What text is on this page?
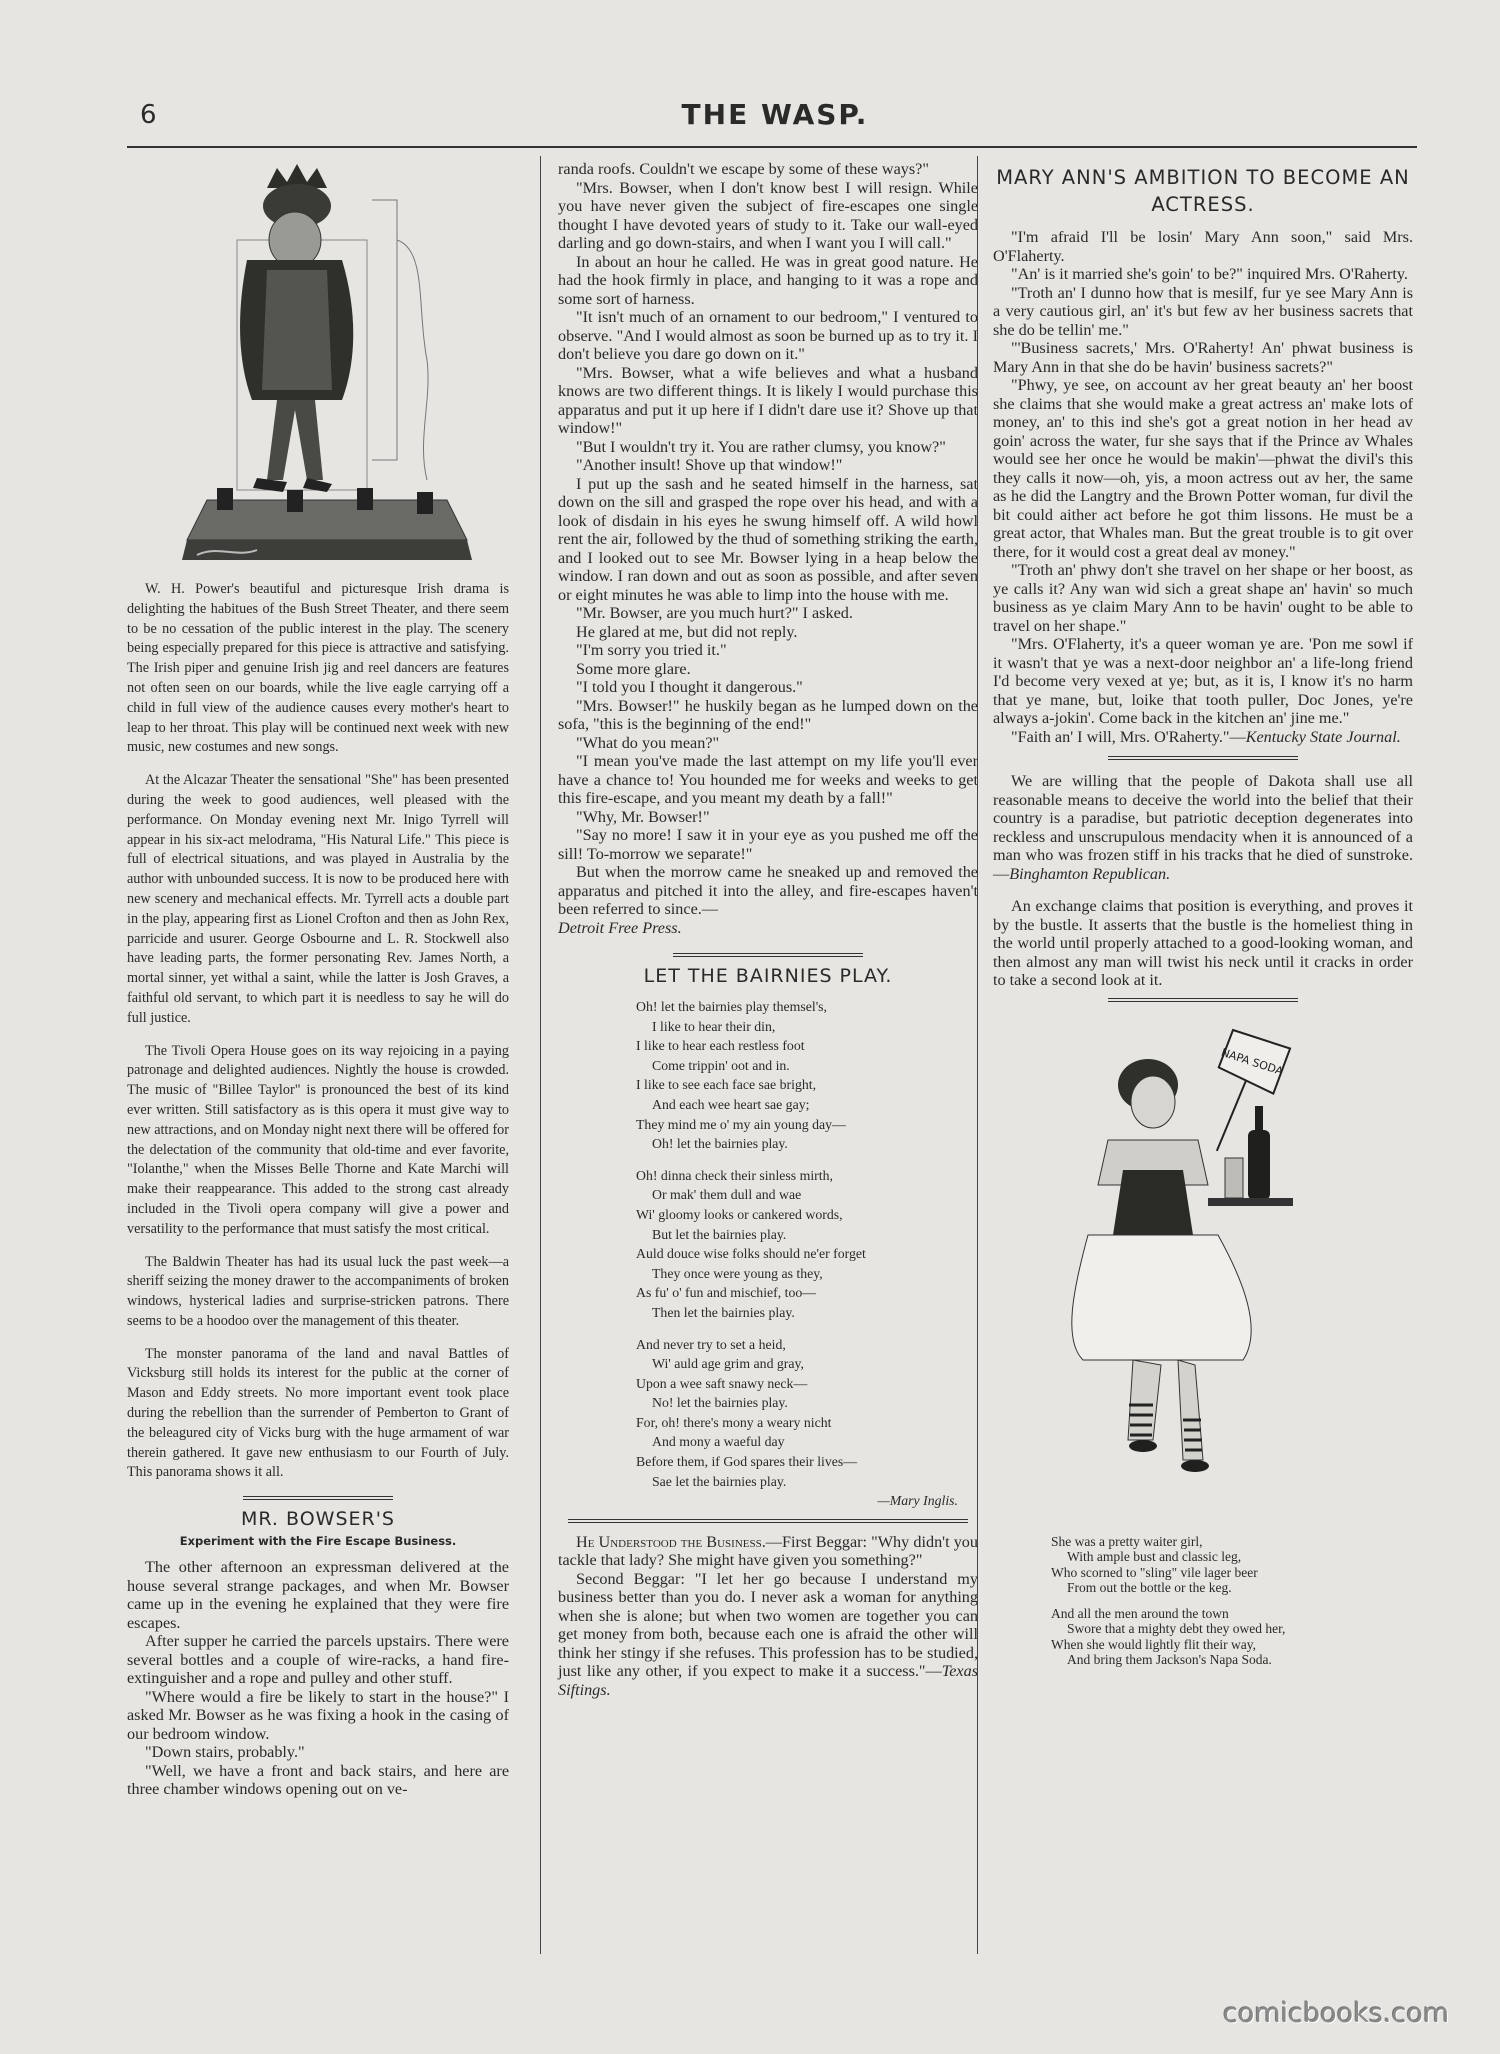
6	THE WASP.

W. H. Power's beautiful and picturesque Irish drama is delighting the habitues of the Bush Street Theater, and there seem to be no cessation of the public interest in the play. The scenery being especially prepared for this piece is attractive and satisfying. The Irish piper and genuine Irish jig and reel dancers are features not often seen on our boards, while the live eagle carrying off a child in full view of the audience causes every mother's heart to leap to her throat. This play will be continued next week with new music, new costumes and new songs.

At the Alcazar Theater the sensational "She" has been presented during the week to good audiences, well pleased with the performance. On Monday evening next Mr. Inigo Tyrrell will appear in his six-act melodrama, "His Natural Life." This piece is full of electrical situations, and was played in Australia by the author with unbounded success. It is now to be produced here with new scenery and mechanical effects. Mr. Tyrrell acts a double part in the play, appearing first as Lionel Crofton and then as John Rex, parricide and usurer. George Osbourne and L. R. Stockwell also have leading parts, the former personating Rev. James North, a mortal sinner, yet withal a saint, while the latter is Josh Graves, a faithful old servant, to which part it is needless to say he will do full justice.

The Tivoli Opera House goes on its way rejoicing in a paying patronage and delighted audiences. Nightly the house is crowded. The music of "Billee Taylor" is pronounced the best of its kind ever written. Still satisfactory as is this opera it must give way to new attractions, and on Monday night next there will be offered for the delectation of the community that old-time and ever favorite, "Iolanthe," when the Misses Belle Thorne and Kate Marchi will make their reappearance. This added to the strong cast already included in the Tivoli opera company will give a power and versatility to the performance that must satisfy the most critical.

The Baldwin Theater has had its usual luck the past week—a sheriff seizing the money drawer to the accompaniments of broken windows, hysterical ladies and surprise-stricken patrons. There seems to be a hoodoo over the management of this theater.

The monster panorama of the land and naval Battles of Vicksburg still holds its interest for the public at the corner of Mason and Eddy streets. No more important event took place during the rebellion than the surrender of Pemberton to Grant of the beleagured city of Vicks burg with the huge armament of war therein gathered. It gave new enthusiasm to our Fourth of July. This panorama shows it all.

MR. BOWSER'S
Experiment with the Fire Escape Business.

The other afternoon an expressman delivered at the house several strange packages, and when Mr. Bowser came up in the evening he explained that they were fire escapes.

After supper he carried the parcels upstairs. There were several bottles and a couple of wire-racks, a hand fire-extinguisher and a rope and pulley and other stuff.

"Where would a fire be likely to start in the house?" I asked Mr. Bowser as he was fixing a hook in the casing of our bedroom window.

"Down stairs, probably."

"Well, we have a front and back stairs, and here are three chamber windows opening out on ve-

randa roofs. Couldn't we escape by some of these ways?"

"Mrs. Bowser, when I don't know best I will resign. While you have never given the subject of fire-escapes one single thought I have devoted years of study to it. Take our wall-eyed darling and go down-stairs, and when I want you I will call."

In about an hour he called. He was in great good nature. He had the hook firmly in place, and hanging to it was a rope and some sort of harness.

"It isn't much of an ornament to our bedroom," I ventured to observe. "And I would almost as soon be burned up as to try it. I don't believe you dare go down on it."

"Mrs. Bowser, what a wife believes and what a husband knows are two different things. It is likely I would purchase this apparatus and put it up here if I didn't dare use it? Shove up that window!"

"But I wouldn't try it. You are rather clumsy, you know?"

"Another insult! Shove up that window!"

I put up the sash and he seated himself in the harness, sat down on the sill and grasped the rope over his head, and with a look of disdain in his eyes he swung himself off. A wild howl rent the air, followed by the thud of something striking the earth, and I looked out to see Mr. Bowser lying in a heap below the window. I ran down and out as soon as possible, and after seven or eight minutes he was able to limp into the house with me.

"Mr. Bowser, are you much hurt?" I asked.

He glared at me, but did not reply.

"I'm sorry you tried it."

Some more glare.

"I told you I thought it dangerous."

"Mrs. Bowser!" he huskily began as he lumped down on the sofa, "this is the beginning of the end!"

"What do you mean?"

"I mean you've made the last attempt on my life you'll ever have a chance to! You hounded me for weeks and weeks to get this fire-escape, and you meant my death by a fall!"

"Why, Mr. Bowser!"

"Say no more! I saw it in your eye as you pushed me off the sill! To-morrow we separate!"

But when the morrow came he sneaked up and removed the apparatus and pitched it into the alley, and fire-escapes haven't been referred to since.—

Detroit Free Press.
LET THE BAIRNIES PLAY.
Oh! let the bairnies play themsel's,
I like to hear their din,
I like to hear each restless foot
Come trippin' oot and in.
I like to see each face sae bright,
And each wee heart sae gay;
They mind me o' my ain young day—
Oh! let the bairnies play.
Oh! dinna check their sinless mirth,
Or mak' them dull and wae
Wi' gloomy looks or cankered words,
But let the bairnies play.
Auld douce wise folks should ne'er forget
They once were young as they,
As fu' o' fun and mischief, too—
Then let the bairnies play.
And never try to set a heid,
Wi' auld age grim and gray,
Upon a wee saft snawy neck—
No! let the bairnies play.
For, oh! there's mony a weary nicht
And mony a waeful day
Before them, if God spares their lives—
Sae let the bairnies play.
—Mary Inglis.

He Understood the Business.—First Beggar: "Why didn't you tackle that lady? She might have given you something?"

Second Beggar: "I let her go because I understand my business better than you do. I never ask a woman for anything when she is alone; but when two women are together you can get money from both, because each one is afraid the other will think her stingy if she refuses. This profession has to be studied, just like any other, if you expect to make it a success."—Texas Siftings.

MARY ANN'S AMBITION TO BECOME AN ACTRESS.

"I'm afraid I'll be losin' Mary Ann soon," said Mrs. O'Flaherty.

"An' is it married she's goin' to be?" inquired Mrs. O'Raherty.

"Troth an' I dunno how that is mesilf, fur ye see Mary Ann is a very cautious girl, an' it's but few av her business sacrets that she do be tellin' me."

"'Business sacrets,' Mrs. O'Raherty! An' phwat business is Mary Ann in that she do be havin' business sacrets?"

"Phwy, ye see, on account av her great beauty an' her boost she claims that she would make a great actress an' make lots of money, an' to this ind she's got a great notion in her head av goin' across the water, fur she says that if the Prince av Whales would see her once he would be makin'—phwat the divil's this they calls it now—oh, yis, a moon actress out av her, the same as he did the Langtry and the Brown Potter woman, fur divil the bit could aither act before he got thim lissons. He must be a great actor, that Whales man. But the great trouble is to git over there, for it would cost a great deal av money."

"Troth an' phwy don't she travel on her shape or her boost, as ye calls it? Any wan wid sich a great shape an' havin' so much business as ye claim Mary Ann to be havin' ought to be able to travel on her shape."

"Mrs. O'Flaherty, it's a queer woman ye are. 'Pon me sowl if it wasn't that ye was a next-door neighbor an' a life-long friend I'd become very vexed at ye; but, as it is, I know it's no harm that ye mane, but, loike that tooth puller, Doc Jones, ye're always a-jokin'. Come back in the kitchen an' jine me."

"Faith an' I will, Mrs. O'Raherty."—Kentucky State Journal.

We are willing that the people of Dakota shall use all reasonable means to deceive the world into the belief that their country is a paradise, but patriotic deception degenerates into reckless and unscrupulous mendacity when it is announced of a man who was frozen stiff in his tracks that he died of sunstroke.—Binghamton Republican.

An exchange claims that position is everything, and proves it by the bustle. It asserts that the bustle is the homeliest thing in the world until properly attached to a good-looking woman, and then almost any man will twist his neck until it cracks in order to take a second look at it.

NAPA SODA
She was a pretty waiter girl,
With ample bust and classic leg,
Who scorned to "sling" vile lager beer
From out the bottle or the keg.
And all the men around the town
Swore that a mighty debt they owed her,
When she would lightly flit their way,
And bring them Jackson's Napa Soda.
comicbooks.com
